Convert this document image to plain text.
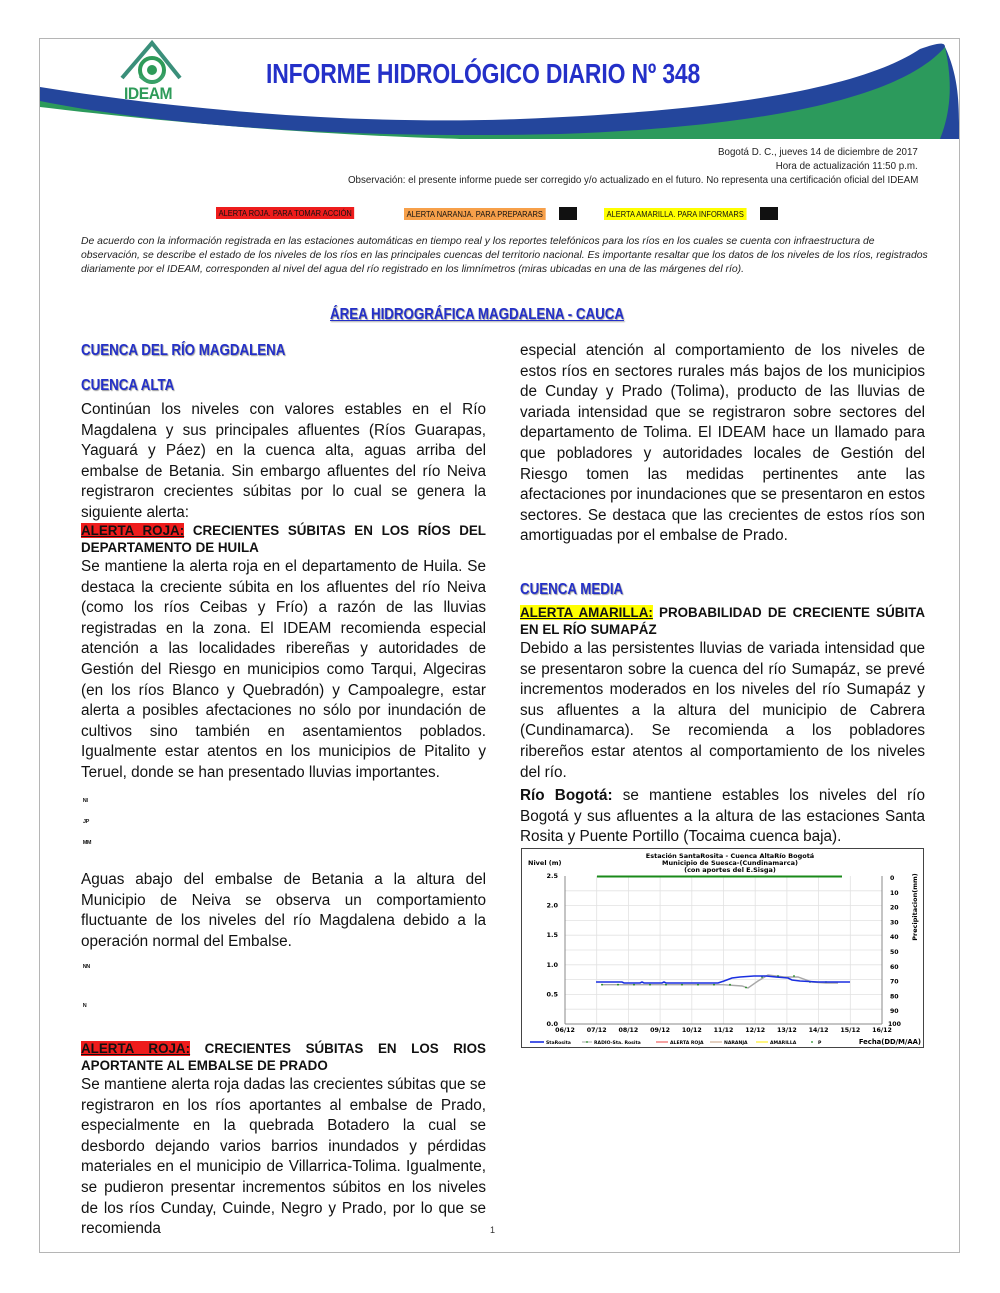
IDEAM
INFORME HIDROLÓGICO DIARIO Nº 348
Bogotá D. C., jueves 14 de diciembre de 2017
Hora de actualización 11:50 p.m.
Observación: el presente informe puede ser corregido y/o actualizado en el futuro. No representa una certificación oficial del IDEAM
ALERTA ROJA. PARA TOMAR ACCIÓN	ALERTA NARANJA. PARA PREPARARS	ALERTA AMARILLA. PARA INFORMARS
De acuerdo con la información registrada en las estaciones automáticas en tiempo real y los reportes telefónicos para los ríos en los cuales se cuenta con infraestructura de observación, se describe el estado de los niveles de los ríos en las principales cuencas del territorio nacional. Es importante resaltar que los datos de los niveles de los ríos, registrados diariamente por el IDEAM, corresponden al nivel del agua del río registrado en los limnímetros (miras ubicadas en una de las márgenes del río).
ÁREA HIDROGRÁFICA MAGDALENA - CAUCA
CUENCA DEL RÍO MAGDALENA
CUENCA ALTA

Continúan los niveles con valores estables en el Río Magdalena y sus principales afluentes (Ríos Guarapas, Yaguará y Páez) en la cuenca alta, aguas arriba del embalse de Betania. Sin embargo afluentes del río Neiva registraron crecientes súbitas por lo cual se genera la siguiente alerta:

ALERTA ROJA: CRECIENTES SÚBITAS EN LOS RÍOS DEL DEPARTAMENTO DE HUILA

Se mantiene la alerta roja en el departamento de Huila. Se destaca la creciente súbita en los afluentes del río Neiva (como los ríos Ceibas y Frío) a razón de las lluvias registradas en la zona. El IDEAM recomienda especial atención a las localidades ribereñas y autoridades de Gestión del Riesgo en municipios como Tarqui, Algeciras (en los ríos Blanco y Quebradón) y Campoalegre, estar alerta a posibles afectaciones no sólo por inundación de cultivos sino también en asentamientos poblados. Igualmente estar atentos en los municipios de Pitalito y Teruel, donde se han presentado lluvias importantes.

ᴺᴵ
ᴶᴾ
ᴹᴹ

Aguas abajo del embalse de Betania a la altura del Municipio de Neiva se observa un comportamiento fluctuante de los niveles del río Magdalena debido a la operación normal del Embalse.

ᴺᴺ
ᴺ
ALERTA ROJA: CRECIENTES SÚBITAS EN LOS RIOS APORTANTE AL EMBALSE DE PRADO

Se mantiene alerta roja dadas las crecientes súbitas que se registraron en los ríos aportantes al embalse de Prado, especialmente en la quebrada Botadero la cual se desbordo dejando varios barrios inundados y pérdidas materiales en el municipio de Villarrica-Tolima. Igualmente, se pudieron presentar incrementos súbitos en los niveles de los ríos Cunday, Cuinde, Negro y Prado, por lo que se recomienda

especial atención al comportamiento de los niveles de estos ríos en sectores rurales más bajos de los municipios de Cunday y Prado (Tolima), producto de las lluvias de variada intensidad que se registraron sobre sectores del departamento de Tolima. El IDEAM hace un llamado para que pobladores y autoridades locales de Gestión del Riesgo tomen las medidas pertinentes ante las afectaciones por inundaciones que se presentaron en estos sectores. Se destaca que las crecientes de estos ríos son amortiguadas por el embalse de Prado.

CUENCA MEDIA
ALERTA AMARILLA: PROBABILIDAD DE CRECIENTE SÚBITA EN EL RÍO SUMAPÁZ

Debido a las persistentes lluvias de variada intensidad que se presentaron sobre la cuenca del río Sumapáz, se prevé incrementos moderados en los niveles del río Sumapáz y sus afluentes a la altura del municipio de Cabrera (Cundinamarca). Se recomienda a los pobladores ribereños estar atentos al comportamiento de los niveles del río.

Río Bogotá: se mantiene estables los niveles del río Bogotá y sus afluentes a la altura de las estaciones Santa Rosita y Puente Portillo (Tocaima cuenca baja).

Estación SantaRosita - Cuenca AltaRío Bogotá
Municipio de Suesca-(Cundinamarca)
(con aportes del E.Sisga)
Nivel (m)
Precipitacion(mm)
2.5
2.0
1.5
1.0
0.5
0.0
0
10
20
30
40
50
60
70
80
90
100
06/12 07/12 08/12 09/12 10/12 11/12 12/12 13/12 14/12 15/12 16/12
StaRosita	RADIO-Sta. Rosita	ALERTA ROJA	NARANJA	AMARILLA	P	Fecha(DD/M/AA)
1
